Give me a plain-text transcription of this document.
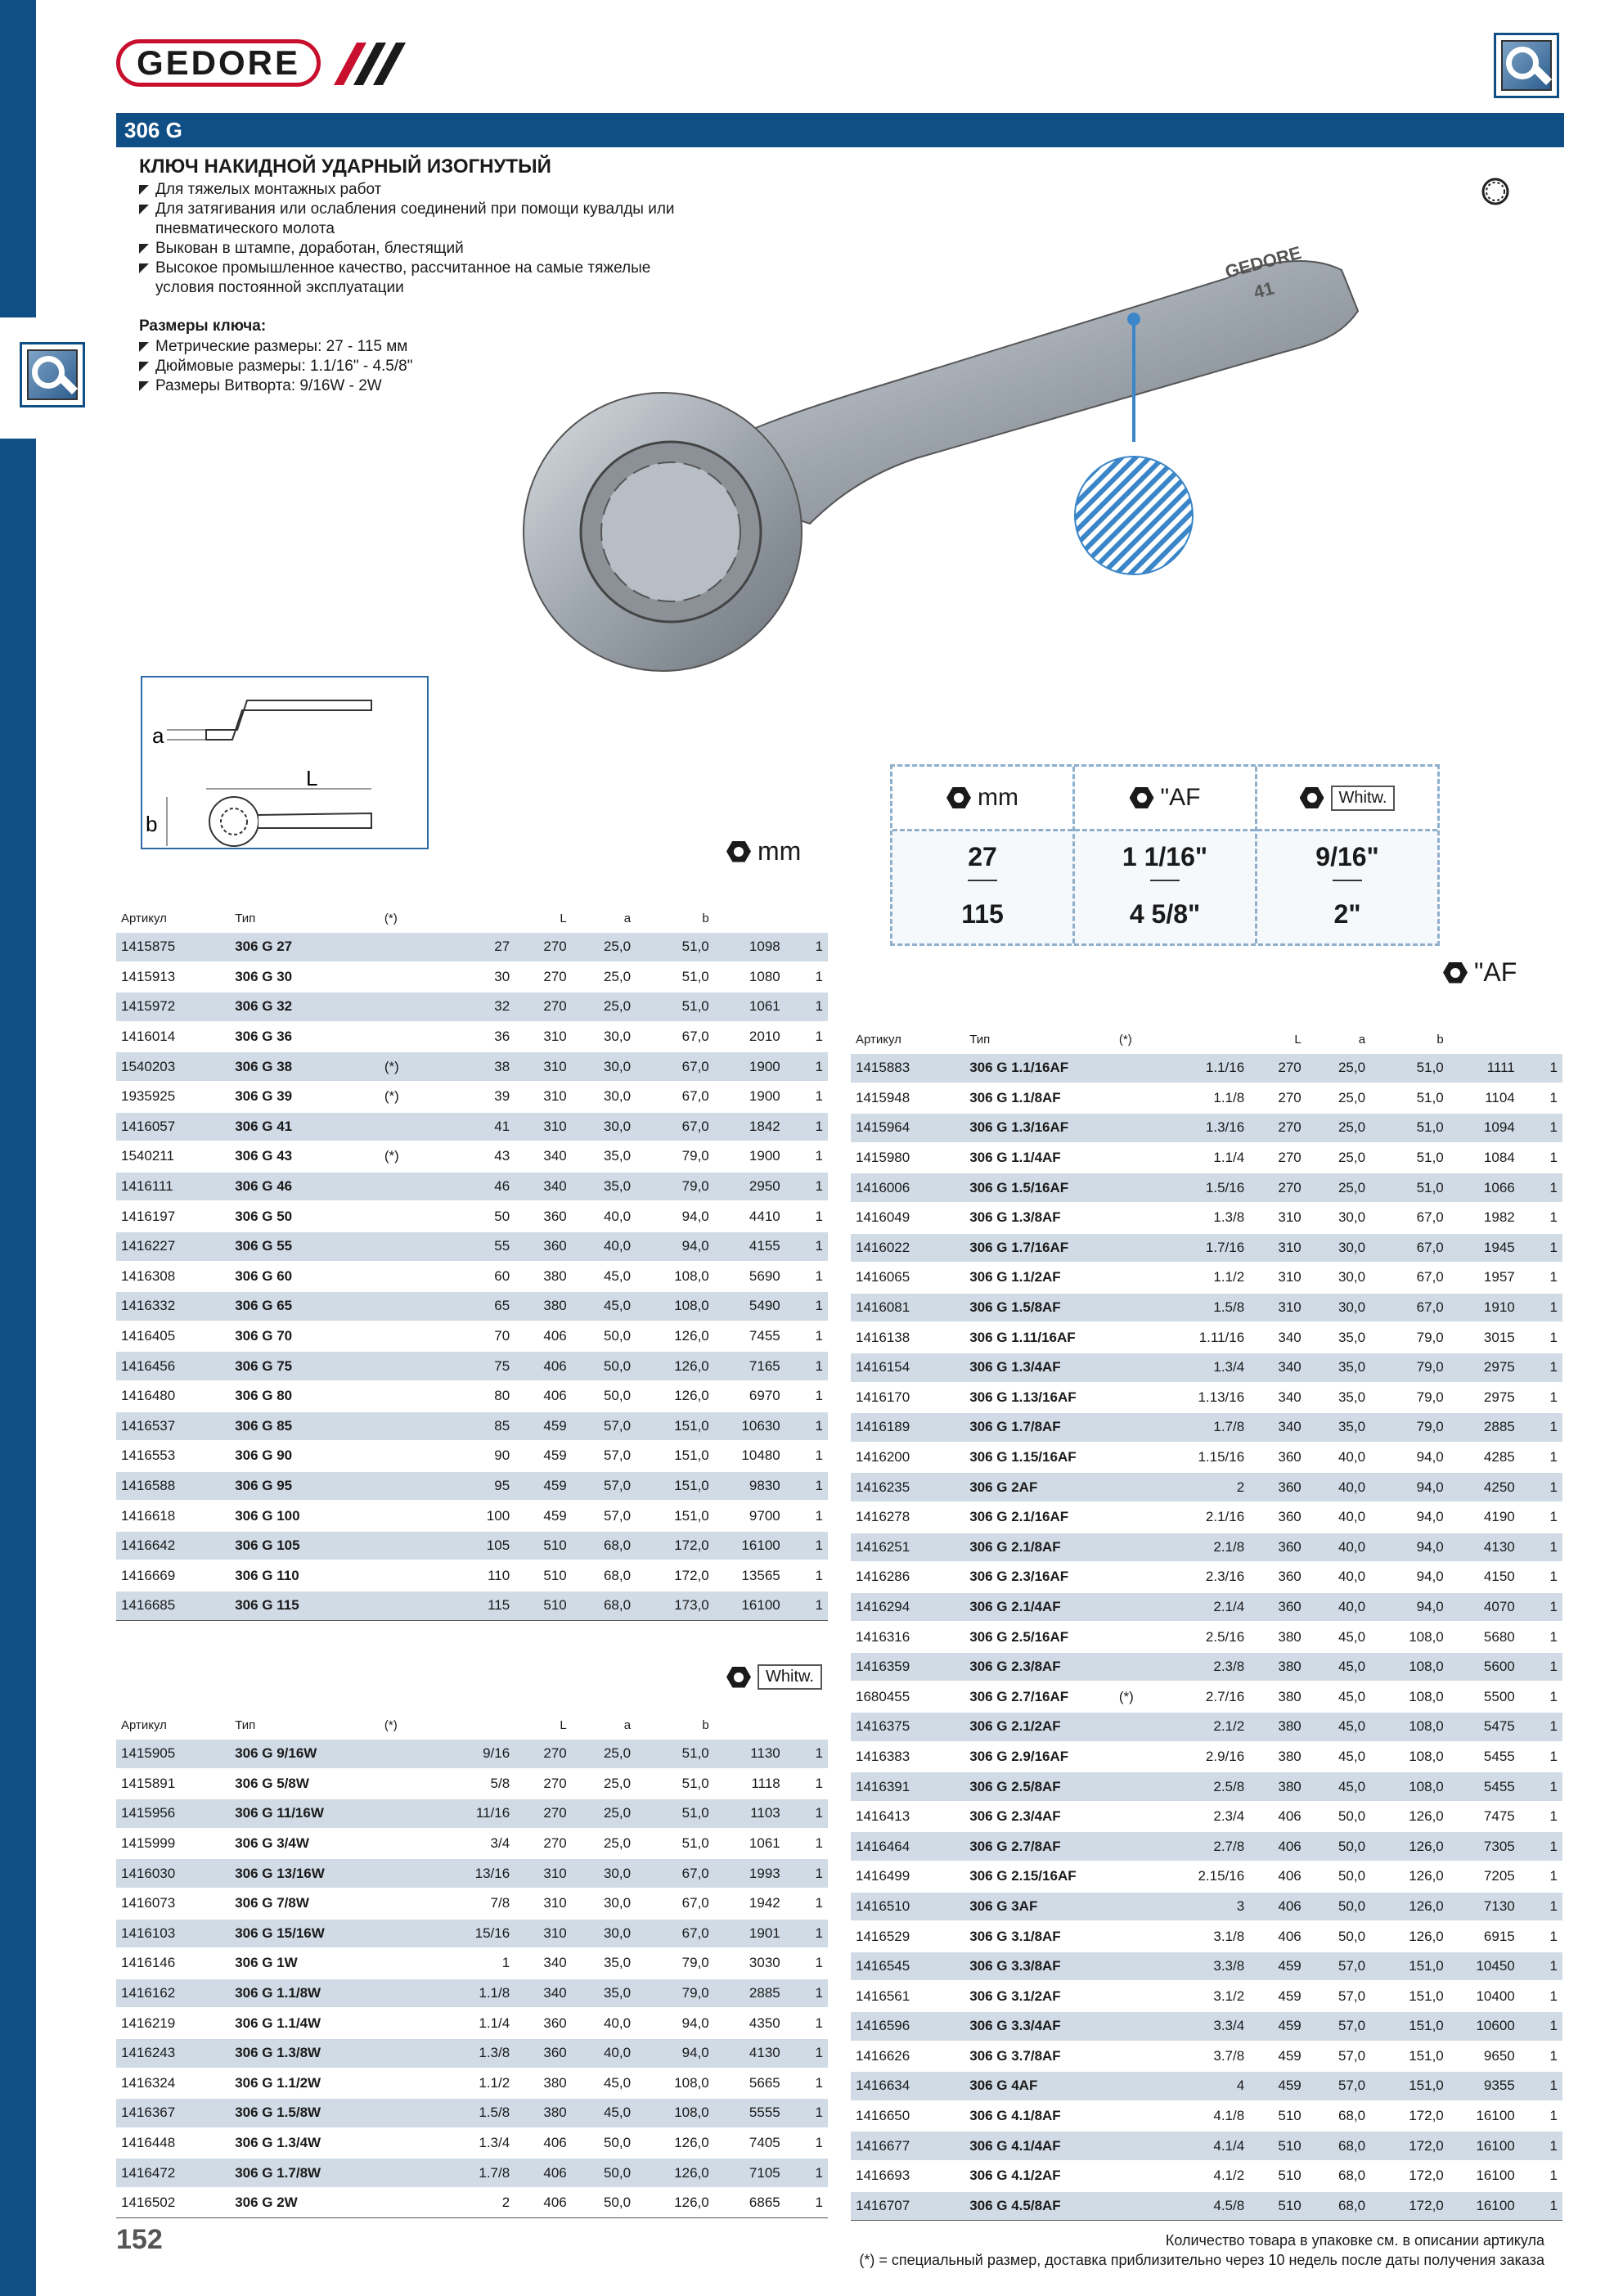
GEDORE
306 G
КЛЮЧ НАКИДНОЙ УДАРНЫЙ ИЗОГНУТЫЙ
Для тяжелых монтажных работ
Для затягивания или ослабления соединений при помощи кувалды или пневматического молота
Выкован в штампе, доработан, блестящий
Высокое промышленное качество, рассчитанное на самые тяжелые условия постоянной эксплуатации
Размеры ключа:
Метрические размеры: 27 - 115 мм
Дюймовые размеры: 1.1/16" - 4.5/8"
Размеры Витворта: 9/16W - 2W
GEDORE
41
a
L
b
mm
27
115
"AF
1 1/16"
4 5/8"
Whitw.
9/16"
2"
mm
"AF
Whitw.
Артикул	Тип	(*)		L	a	b		
1415875	306 G 27		27	270	25,0	51,0	1098	1
1415913	306 G 30		30	270	25,0	51,0	1080	1
1415972	306 G 32		32	270	25,0	51,0	1061	1
1416014	306 G 36		36	310	30,0	67,0	2010	1
1540203	306 G 38	(*)	38	310	30,0	67,0	1900	1
1935925	306 G 39	(*)	39	310	30,0	67,0	1900	1
1416057	306 G 41		41	310	30,0	67,0	1842	1
1540211	306 G 43	(*)	43	340	35,0	79,0	1900	1
1416111	306 G 46		46	340	35,0	79,0	2950	1
1416197	306 G 50		50	360	40,0	94,0	4410	1
1416227	306 G 55		55	360	40,0	94,0	4155	1
1416308	306 G 60		60	380	45,0	108,0	5690	1
1416332	306 G 65		65	380	45,0	108,0	5490	1
1416405	306 G 70		70	406	50,0	126,0	7455	1
1416456	306 G 75		75	406	50,0	126,0	7165	1
1416480	306 G 80		80	406	50,0	126,0	6970	1
1416537	306 G 85		85	459	57,0	151,0	10630	1
1416553	306 G 90		90	459	57,0	151,0	10480	1
1416588	306 G 95		95	459	57,0	151,0	9830	1
1416618	306 G 100		100	459	57,0	151,0	9700	1
1416642	306 G 105		105	510	68,0	172,0	16100	1
1416669	306 G 110		110	510	68,0	172,0	13565	1
1416685	306 G 115		115	510	68,0	173,0	16100	1
Артикул	Тип	(*)		L	a	b		
1415905	306 G 9/16W		9/16	270	25,0	51,0	1130	1
1415891	306 G 5/8W		5/8	270	25,0	51,0	1118	1
1415956	306 G 11/16W		11/16	270	25,0	51,0	1103	1
1415999	306 G 3/4W		3/4	270	25,0	51,0	1061	1
1416030	306 G 13/16W		13/16	310	30,0	67,0	1993	1
1416073	306 G 7/8W		7/8	310	30,0	67,0	1942	1
1416103	306 G 15/16W		15/16	310	30,0	67,0	1901	1
1416146	306 G 1W		1	340	35,0	79,0	3030	1
1416162	306 G 1.1/8W		1.1/8	340	35,0	79,0	2885	1
1416219	306 G 1.1/4W		1.1/4	360	40,0	94,0	4350	1
1416243	306 G 1.3/8W		1.3/8	360	40,0	94,0	4130	1
1416324	306 G 1.1/2W		1.1/2	380	45,0	108,0	5665	1
1416367	306 G 1.5/8W		1.5/8	380	45,0	108,0	5555	1
1416448	306 G 1.3/4W		1.3/4	406	50,0	126,0	7405	1
1416472	306 G 1.7/8W		1.7/8	406	50,0	126,0	7105	1
1416502	306 G 2W		2	406	50,0	126,0	6865	1
Артикул	Тип	(*)		L	a	b		
1415883	306 G 1.1/16AF		1.1/16	270	25,0	51,0	1111	1
1415948	306 G 1.1/8AF		1.1/8	270	25,0	51,0	1104	1
1415964	306 G 1.3/16AF		1.3/16	270	25,0	51,0	1094	1
1415980	306 G 1.1/4AF		1.1/4	270	25,0	51,0	1084	1
1416006	306 G 1.5/16AF		1.5/16	270	25,0	51,0	1066	1
1416049	306 G 1.3/8AF		1.3/8	310	30,0	67,0	1982	1
1416022	306 G 1.7/16AF		1.7/16	310	30,0	67,0	1945	1
1416065	306 G 1.1/2AF		1.1/2	310	30,0	67,0	1957	1
1416081	306 G 1.5/8AF		1.5/8	310	30,0	67,0	1910	1
1416138	306 G 1.11/16AF		1.11/16	340	35,0	79,0	3015	1
1416154	306 G 1.3/4AF		1.3/4	340	35,0	79,0	2975	1
1416170	306 G 1.13/16AF		1.13/16	340	35,0	79,0	2975	1
1416189	306 G 1.7/8AF		1.7/8	340	35,0	79,0	2885	1
1416200	306 G 1.15/16AF		1.15/16	360	40,0	94,0	4285	1
1416235	306 G 2AF		2	360	40,0	94,0	4250	1
1416278	306 G 2.1/16AF		2.1/16	360	40,0	94,0	4190	1
1416251	306 G 2.1/8AF		2.1/8	360	40,0	94,0	4130	1
1416286	306 G 2.3/16AF		2.3/16	360	40,0	94,0	4150	1
1416294	306 G 2.1/4AF		2.1/4	360	40,0	94,0	4070	1
1416316	306 G 2.5/16AF		2.5/16	380	45,0	108,0	5680	1
1416359	306 G 2.3/8AF		2.3/8	380	45,0	108,0	5600	1
1680455	306 G 2.7/16AF	(*)	2.7/16	380	45,0	108,0	5500	1
1416375	306 G 2.1/2AF		2.1/2	380	45,0	108,0	5475	1
1416383	306 G 2.9/16AF		2.9/16	380	45,0	108,0	5455	1
1416391	306 G 2.5/8AF		2.5/8	380	45,0	108,0	5455	1
1416413	306 G 2.3/4AF		2.3/4	406	50,0	126,0	7475	1
1416464	306 G 2.7/8AF		2.7/8	406	50,0	126,0	7305	1
1416499	306 G 2.15/16AF		2.15/16	406	50,0	126,0	7205	1
1416510	306 G 3AF		3	406	50,0	126,0	7130	1
1416529	306 G 3.1/8AF		3.1/8	406	50,0	126,0	6915	1
1416545	306 G 3.3/8AF		3.3/8	459	57,0	151,0	10450	1
1416561	306 G 3.1/2AF		3.1/2	459	57,0	151,0	10400	1
1416596	306 G 3.3/4AF		3.3/4	459	57,0	151,0	10600	1
1416626	306 G 3.7/8AF		3.7/8	459	57,0	151,0	9650	1
1416634	306 G 4AF		4	459	57,0	151,0	9355	1
1416650	306 G 4.1/8AF		4.1/8	510	68,0	172,0	16100	1
1416677	306 G 4.1/4AF		4.1/4	510	68,0	172,0	16100	1
1416693	306 G 4.1/2AF		4.1/2	510	68,0	172,0	16100	1
1416707	306 G 4.5/8AF		4.5/8	510	68,0	172,0	16100	1
152	Количество товара в упаковке см. в описании артикула
(*) = специальный размер, доставка приблизительно через 10 недель после даты получения заказа
